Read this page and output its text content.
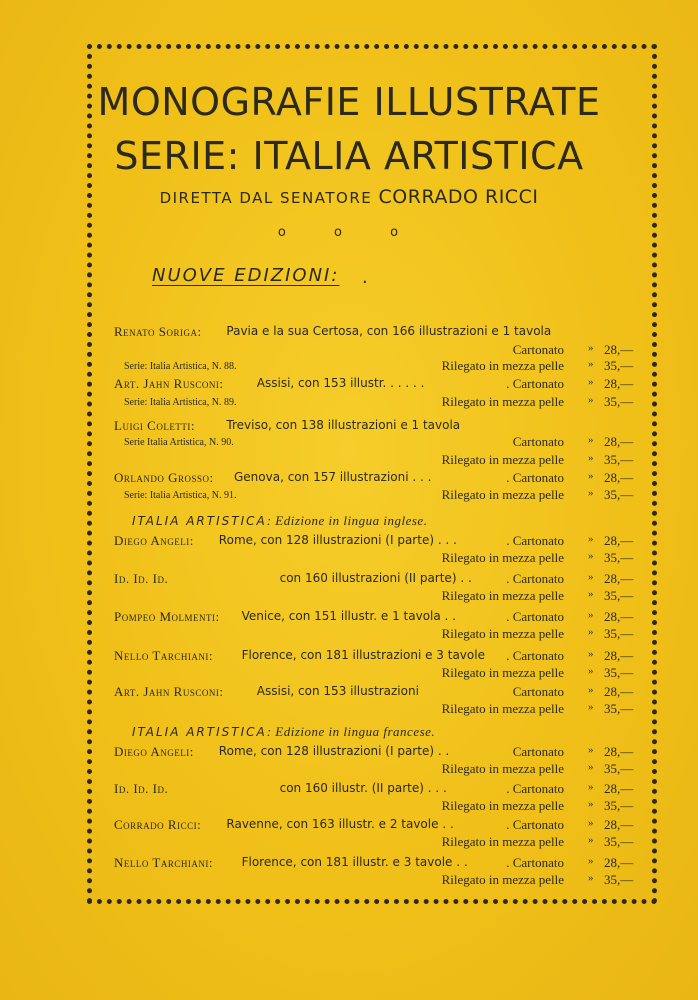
MONOGRAFIE ILLUSTRATE
SERIE: ITALIA ARTISTICA
DIRETTA DAL SENATORE CORRADO RICCI
o o o
NUOVE EDIZIONI: .
Renato Soriga: Pavia e la sua Certosa, con 166 illustrazioni e 1 tavola
Cartonato » 28,—
Serie: Italia Artistica, N. 88.	Rilegato in mezza pelle » 35,—
Art. Jahn Rusconi:	Assisi, con 153 illustr. . . . . .	. Cartonato » 28,—
Serie: Italia Artistica, N. 89.	Rilegato in mezza pelle » 35,—
Luigi Coletti:	Treviso, con 138 illustrazioni e 1 tavola
Serie Italia Artistica, N. 90.	Cartonato » 28,—
Rilegato in mezza pelle » 35,—
Orlando Grosso: Genova, con 157 illustrazioni . . .	. Cartonato » 28,—
Serie: Italia Artistica, N. 91.	Rilegato in mezza pelle » 35,—
ITALIA ARTISTICA: Edizione in lingua inglese.
Diego Angeli: Rome, con 128 illustrazioni (I parte) . . .	. Cartonato » 28,—
Rilegato in mezza pelle » 35,—
Id. Id. Id.	con 160 illustrazioni (II parte) . .	. Cartonato » 28,—
Rilegato in mezza pelle » 35,—
Pompeo Molmenti: Venice, con 151 illustr. e 1 tavola . .	. Cartonato » 28,—
Rilegato in mezza pelle » 35,—
Nello Tarchiani: Florence, con 181 illustrazioni e 3 tavole . Cartonato » 28,—
Rilegato in mezza pelle » 35,—
Art. Jahn Rusconi:	Assisi, con 153 illustrazioni	Cartonato » 28,—
Rilegato in mezza pelle » 35,—
ITALIA ARTISTICA: Edizione in lingua francese.
Diego Angeli: Rome, con 128 illustrazioni (I parte) . .	Cartonato » 28,—
Rilegato in mezza pelle » 35,—
Id. Id. Id.	con 160 illustr. (II parte) . . .	. Cartonato » 28,—
Rilegato in mezza pelle » 35,—
Corrado Ricci: Ravenne, con 163 illustr. e 2 tavole . .	. Cartonato » 28,—
Rilegato in mezza pelle » 35,—
Nello Tarchiani: Florence, con 181 illustr. e 3 tavole . .	. Cartonato » 28,—
Rilegato in mezza pelle » 35,—
